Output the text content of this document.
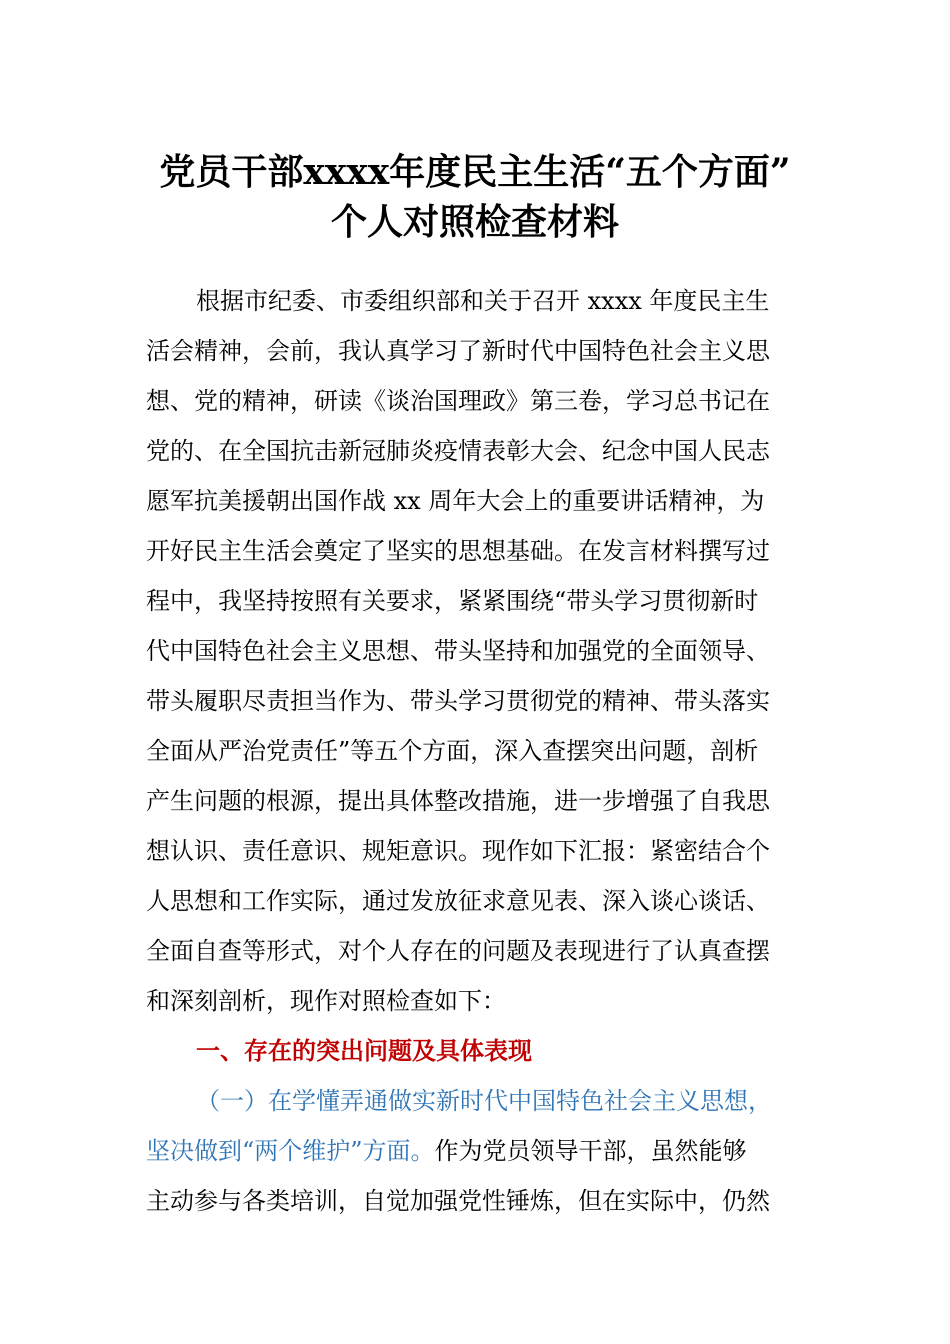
党员干部xxxx年度民主生活“五个方面”
个人对照检查材料
根据市纪委、市委组织部和关于召开 xxxx 年度民主生
活会精神，会前，我认真学习了新时代中国特色社会主义思
想、党的精神，研读《谈治国理政》第三卷，学习总书记在
党的、在全国抗击新冠肺炎疫情表彰大会、纪念中国人民志
愿军抗美援朝出国作战 xx 周年大会上的重要讲话精神，为
开好民主生活会奠定了坚实的思想基础。在发言材料撰写过
程中，我坚持按照有关要求，紧紧围绕“带头学习贯彻新时
代中国特色社会主义思想、带头坚持和加强党的全面领导、
带头履职尽责担当作为、带头学习贯彻党的精神、带头落实
全面从严治党责任”等五个方面，深入查摆突出问题，剖析
产生问题的根源，提出具体整改措施，进一步增强了自我思
想认识、责任意识、规矩意识。现作如下汇报：紧密结合个
人思想和工作实际，通过发放征求意见表、深入谈心谈话、
全面自查等形式，对个人存在的问题及表现进行了认真查摆
和深刻剖析，现作对照检查如下：
一、存在的突出问题及具体表现
（一）在学懂弄通做实新时代中国特色社会主义思想，
坚决做到“两个维护”方面。作为党员领导干部，虽然能够
主动参与各类培训，自觉加强党性锤炼，但在实际中，仍然
